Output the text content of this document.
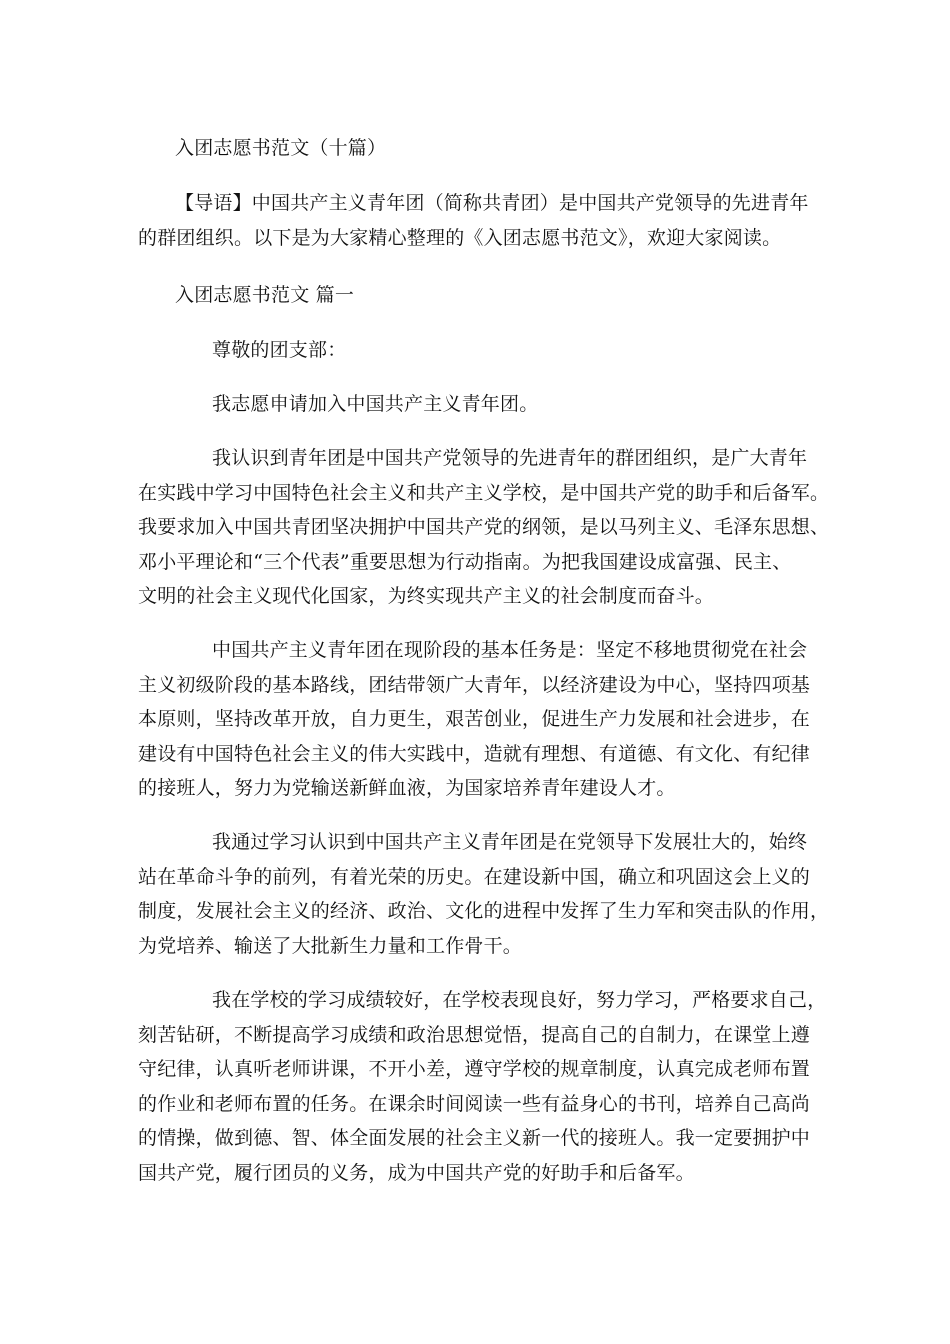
入团志愿书范文（十篇）

【导语】中国共产主义青年团（简称共青团）是中国共产党领导的先进青年

的群团组织。以下是为大家精心整理的《入团志愿书范文》，欢迎大家阅读。

入团志愿书范文 篇一

尊敬的团支部：

我志愿申请加入中国共产主义青年团。

我认识到青年团是中国共产党领导的先进青年的群团组织，是广大青年

在实践中学习中国特色社会主义和共产主义学校，是中国共产党的助手和后备军。

我要求加入中国共青团坚决拥护中国共产党的纲领，是以马列主义、毛泽东思想、

邓小平理论和“三个代表”重要思想为行动指南。为把我国建设成富强、民主、

文明的社会主义现代化国家，为终实现共产主义的社会制度而奋斗。

中国共产主义青年团在现阶段的基本任务是：坚定不移地贯彻党在社会

主义初级阶段的基本路线，团结带领广大青年，以经济建设为中心，坚持四项基

本原则，坚持改革开放，自力更生，艰苦创业，促进生产力发展和社会进步，在

建设有中国特色社会主义的伟大实践中，造就有理想、有道德、有文化、有纪律

的接班人，努力为党输送新鲜血液，为国家培养青年建设人才。

我通过学习认识到中国共产主义青年团是在党领导下发展壮大的，始终

站在革命斗争的前列，有着光荣的历史。在建设新中国，确立和巩固这会上义的

制度，发展社会主义的经济、政治、文化的进程中发挥了生力军和突击队的作用，

为党培养、输送了大批新生力量和工作骨干。

我在学校的学习成绩较好，在学校表现良好，努力学习，严格要求自己，

刻苦钻研，不断提高学习成绩和政治思想觉悟，提高自己的自制力，在课堂上遵

守纪律，认真听老师讲课，不开小差，遵守学校的规章制度，认真完成老师布置

的作业和老师布置的任务。在课余时间阅读一些有益身心的书刊，培养自己高尚

的情操，做到德、智、体全面发展的社会主义新一代的接班人。我一定要拥护中

国共产党，履行团员的义务，成为中国共产党的好助手和后备军。
